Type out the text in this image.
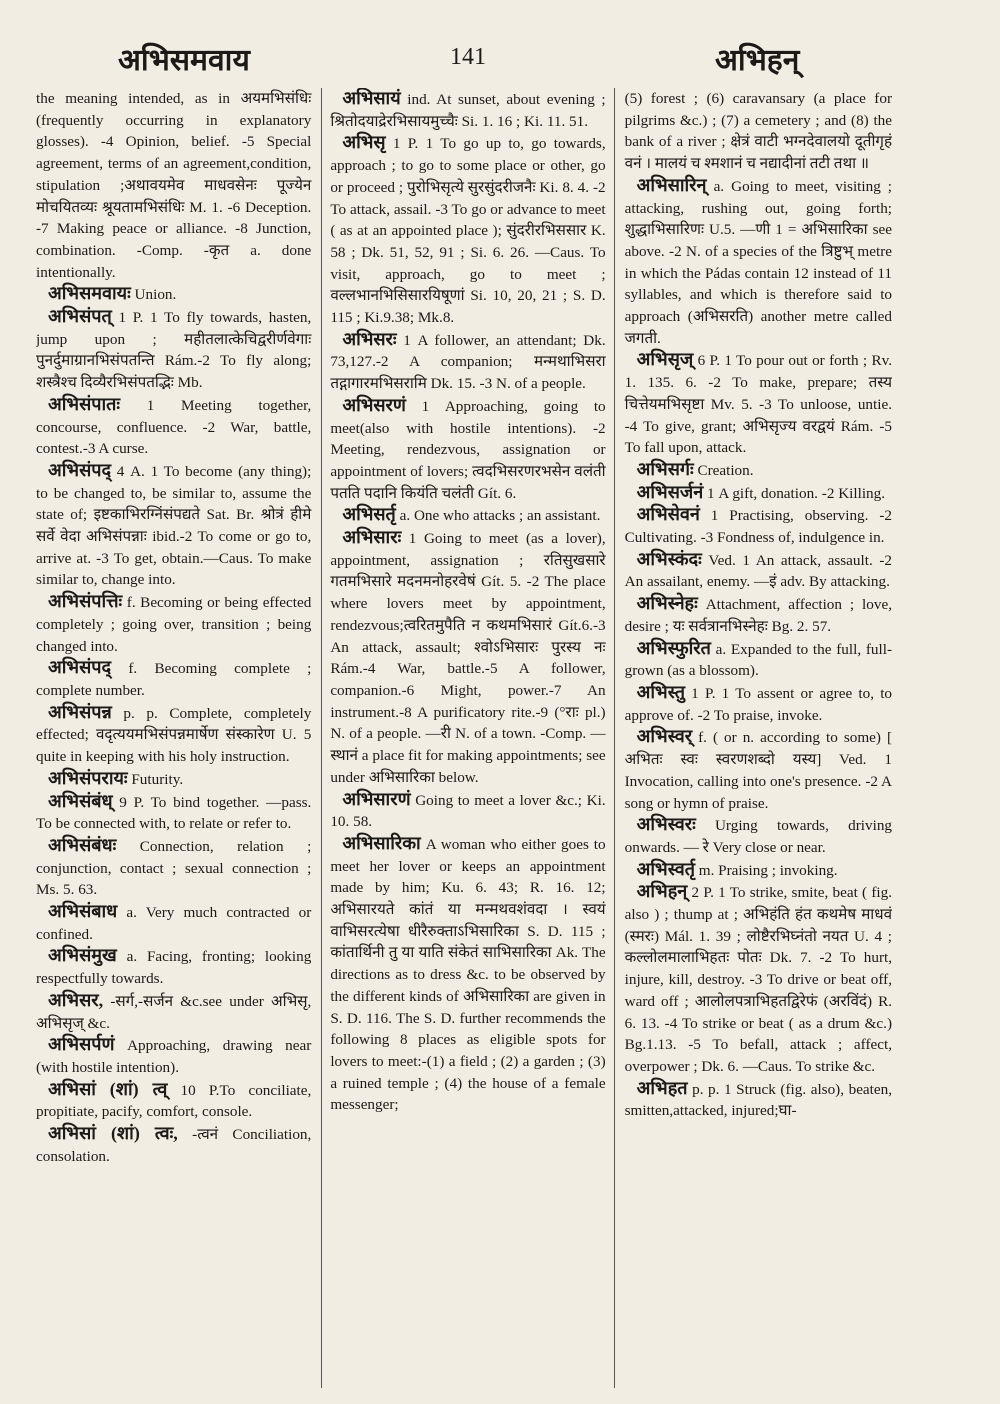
अभिसमवाय	141	अभिहन्

the meaning intended, as in अयमभिसंधिः (frequently occurring in explanatory glosses). -4 Opinion, belief. -5 Special agreement, terms of an agreement,condition, stipulation ;अथावयमेव माधवसेनः पूज्येन मोचयितव्यः श्रूयतामभिसंधिः M. 1. -6 Deception. -7 Making peace or alliance. -8 Junction, combination. -Comp. -कृत a. done intentionally.

अभिसमवायः Union.

अभिसंपत् 1 P. 1 To fly towards, hasten, jump upon ; महीतलात्केचिद्वरीर्णवेगाः पुनर्दुमाग्रानभिसंपतन्ति Rám.-2 To fly along; शस्त्रैश्च दिव्यैरभिसंपतद्भिः Mb.

अभिसंपातः 1 Meeting together, concourse, confluence. -2 War, battle, contest.-3 A curse.

अभिसंपद् 4 A. 1 To become (any thing); to be changed to, be similar to, assume the state of; इष्टकाभिरग्निंसंपद्यते Sat. Br. श्रोत्रं हीमे सर्वे वेदा अभिसंपन्नाः ibid.-2 To come or go to, arrive at. -3 To get, obtain.—Caus. To make similar to, change into.

अभिसंपत्तिः f. Becoming or being effected completely ; going over, transition ; being changed into.

अभिसंपद् f. Becoming complete ; complete number.

अभिसंपन्न p. p. Complete, completely effected; वदृत्ययमभिसंपन्नमार्षेण संस्कारेण U. 5 quite in keeping with his holy instruction.

अभिसंपरायः Futurity.

अभिसंबंध् 9 P. To bind together. —pass. To be connected with, to relate or refer to.

अभिसंबंधः Connection, relation ; conjunction, contact ; sexual connection ; Ms. 5. 63.

अभिसंबाध a. Very much contracted or confined.

अभिसंमुख a. Facing, fronting; looking respectfully towards.

अभिसर, -सर्ग,-सर्जन &c.see under अभिसृ, अभिसृज् &c.

अभिसर्पणं Approaching, drawing near (with hostile intention).

अभिसां (शां) त्व् 10 P.To conciliate, propitiate, pacify, comfort, console.

अभिसां (शां) त्वः, -त्वनं Conciliation, consolation.

अभिसायं ind. At sunset, about evening ; श्रितोदयाद्रेरभिसायमुच्चैः Si. 1. 16 ; Ki. 11. 51.

अभिसृ 1 P. 1 To go up to, go towards, approach ; to go to some place or other, go or proceed ; पुरोभिसृत्ये सुरसुंदरीजनैः Ki. 8. 4. -2 To attack, assail. -3 To go or advance to meet ( as at an appointed place ); सुंदरीरभिससार K. 58 ; Dk. 51, 52, 91 ; Si. 6. 26. —Caus. To visit, approach, go to meet ; वल्लभानभिसिसारयिषूणां Si. 10, 20, 21 ; S. D. 115 ; Ki.9.38; Mk.8.

अभिसरः 1 A follower, an attendant; Dk. 73,127.-2 A companion; मन्मथाभिसरा तद्गागारमभिसरामि Dk. 15. -3 N. of a people.

अभिसरणं 1 Approaching, going to meet(also with hostile intentions). -2 Meeting, rendezvous, assignation or appointment of lovers; त्वदभिसरणरभसेन वलंती पतति पदानि कियंति चलंती Gít. 6.

अभिसर्तृ a. One who attacks ; an assistant.

अभिसारः 1 Going to meet (as a lover), appointment, assignation ; रतिसुखसारे गतमभिसारे मदनमनोहरवेषं Gít. 5. -2 The place where lovers meet by appointment, rendezvous;त्वरितमुपैति न कथमभिसारं Gít.6.-3 An attack, assault; श्वोऽभिसारः पुरस्य नः Rám.-4 War, battle.-5 A follower, companion.-6 Might, power.-7 An instrument.-8 A purificatory rite.-9 (°राः pl.) N. of a people. —री N. of a town. -Comp. —स्थानं a place fit for making appointments; see under अभिसारिका below.

अभिसारणं Going to meet a lover &c.; Ki. 10. 58.

अभिसारिका A woman who either goes to meet her lover or keeps an appointment made by him; Ku. 6. 43; R. 16. 12; अभिसारयते कांतं या मन्मथवशंवदा । स्वयं वाभिसरत्येषा धीरैरुक्ताऽभिसारिका S. D. 115 ; कांतार्थिनी तु या याति संकेतं साभिसारिका Ak. The directions as to dress &c. to be observed by the different kinds of अभिसारिका are given in S. D. 116. The S. D. further recommends the following 8 places as eligible spots for lovers to meet:-(1) a field ; (2) a garden ; (3) a ruined temple ; (4) the house of a female messenger;

(5) forest ; (6) caravansary (a place for pilgrims &c.) ; (7) a cemetery ; and (8) the bank of a river ; क्षेत्रं वाटी भग्नदेवालयो दूतीगृहं वनं । मालयं च श्मशानं च नद्यादीनां तटी तथा ॥

अभिसारिन् a. Going to meet, visiting ; attacking, rushing out, going forth; शुद्धाभिसारिणः U.5. —णी 1 = अभिसारिका see above. -2 N. of a species of the त्रिष्टुभ् metre in which the Pádas contain 12 instead of 11 syllables, and which is therefore said to approach (अभिसरति) another metre called जगती.

अभिसृज् 6 P. 1 To pour out or forth ; Rv. 1. 135. 6. -2 To make, prepare; तस्य चित्तेयमभिसृष्टा Mv. 5. -3 To unloose, untie. -4 To give, grant; अभिसृज्य वरद्वयं Rám. -5 To fall upon, attack.

अभिसर्गः Creation.

अभिसर्जनं 1 A gift, donation. -2 Killing.

अभिसेवनं 1 Practising, observing. -2 Cultivating. -3 Fondness of, indulgence in.

अभिस्कंदः Ved. 1 An attack, assault. -2 An assailant, enemy. —इं adv. By attacking.

अभिस्नेहः Attachment, affection ; love, desire ; यः सर्वत्रानभिस्नेहः Bg. 2. 57.

अभिस्फुरित a. Expanded to the full, full-grown (as a blossom).

अभिस्तु 1 P. 1 To assent or agree to, to approve of. -2 To praise, invoke.

अभिस्वर् f. ( or n. according to some) [ अभितः स्वः स्वरणशब्दो यस्य] Ved. 1 Invocation, calling into one's presence. -2 A song or hymn of praise.

अभिस्वरः Urging towards, driving onwards. — रे Very close or near.

अभिस्वर्तृ m. Praising ; invoking.

अभिहन् 2 P. 1 To strike, smite, beat ( fig. also ) ; thump at ; अभिहंति हंत कथमेष माधवं (स्मरः) Mál. 1. 39 ; लोष्टैरभिघ्नंतो नयत U. 4 ; कल्लोलमालाभिहतः पोतः Dk. 7. -2 To hurt, injure, kill, destroy. -3 To drive or beat off, ward off ; आलोलपत्राभिहतद्विरेफं (अरविंदं) R. 6. 13. -4 To strike or beat ( as a drum &c.) Bg.1.13. -5 To befall, attack ; affect, overpower ; Dk. 6. —Caus. To strike &c.

अभिहत p. p. 1 Struck (fig. also), beaten, smitten,attacked, injured;घा-
